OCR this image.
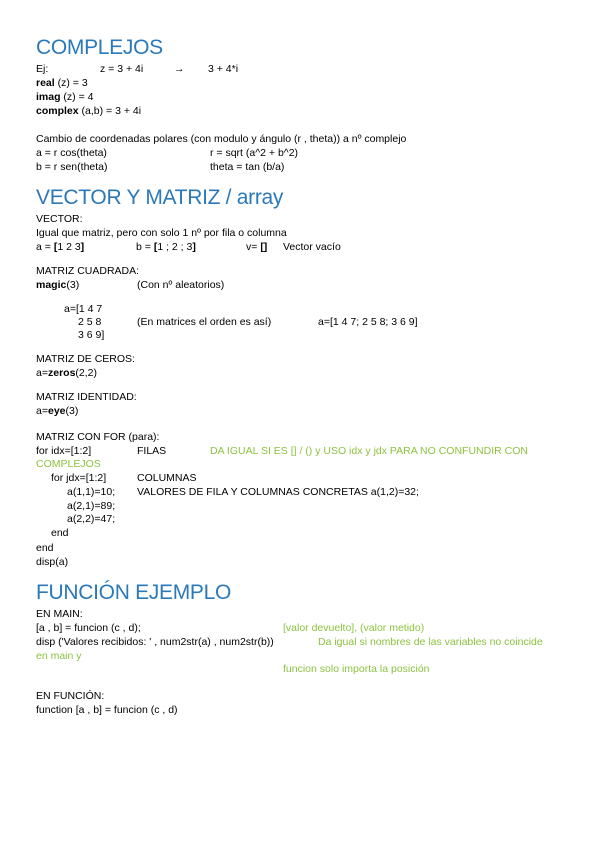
COMPLEJOS
Ej:	z = 3 + 4i	→ 3 + 4*i
real (z) = 3
imag (z) = 4
complex (a,b) = 3 + 4i
Cambio de coordenadas polares (con modulo y ángulo (r , theta)) a nº complejo
a = r cos(theta)	r = sqrt (a^2 + b^2)
b = r sen(theta)	theta = tan (b/a)
VECTOR Y MATRIZ / array
VECTOR:
Igual que matriz, pero con solo 1 nº por fila o columna
a = [1 2 3]	b = [1 ; 2 ; 3]	v= [] Vector vacío
MATRIZ CUADRADA:
magic(3)	(Con nº aleatorios)
a=[1 4 7
2 5 8	(En matrices el orden es así)	a=[1 4 7; 2 5 8; 3 6 9]
3 6 9]
MATRIZ DE CEROS:
a=zeros(2,2)
MATRIZ IDENTIDAD:
a=eye(3)
MATRIZ CON FOR (para):
for idx=[1:2]	FILAS	DA IGUAL SI ES [] / () y USO idx y jdx PARA NO CONFUNDIR CON
COMPLEJOS
for jdx=[1:2]	COLUMNAS
a(1,1)=10; VALORES DE FILA Y COLUMNAS CONCRETAS a(1,2)=32;
a(2,1)=89;
a(2,2)=47;
end
end
disp(a)
FUNCIÓN EJEMPLO
EN MAIN:
[a , b] = funcion (c , d);	[valor devuelto], (valor metido)
disp ('Valores recibidos: ' , num2str(a) , num2str(b))	Da igual si nombres de las variables no coincide
en main y
funcion solo importa la posición
EN FUNCIÓN:
function [a , b] = funcion (c , d)
